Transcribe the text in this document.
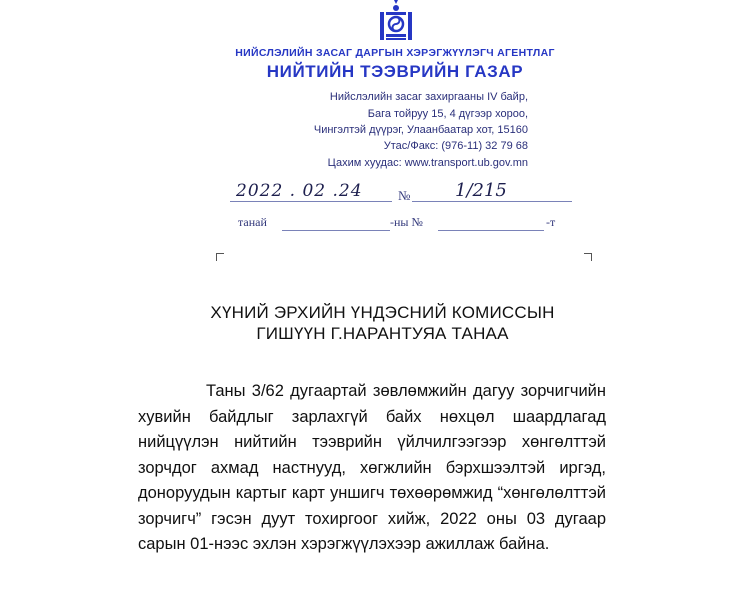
НИЙСЛЭЛИЙН ЗАСАГ ДАРГЫН ХЭРЭГЖҮҮЛЭГЧ АГЕНТЛАГ
НИЙТИЙН ТЭЭВРИЙН ГАЗАР
Нийслэлийн засаг захиргааны IV байр,
Бага тойруу 15, 4 дүгээр хороо,
Чингэлтэй дүүрэг, Улаанбаатар хот, 15160
Утас/Факс: (976-11) 32 79 68
Цахим хуудас: www.transport.ub.gov.mn
2022 . 02 .24	№ 1/215
танай	-ны №	-т
ХҮНИЙ ЭРХИЙН ҮНДЭСНИЙ КОМИССЫН
ГИШҮҮН Г.НАРАНТУЯА ТАНАА
Таны 3/62 дугаартай зөвлөмжийн дагуу зорчигчийн хувийн байдлыг зарлахгүй байх нөхцөл шаардлагад нийцүүлэн нийтийн тээврийн үйлчилгээгээр хөнгөлттэй зорчдог ахмад настнууд, хөгжлийн бэрхшээлтэй иргэд, доноруудын картыг карт уншигч төхөөрөмжид “хөнгөлөлттэй зорчигч” гэсэн дуут тохиргоог хийж, 2022 оны 03 дугаар сарын 01-нээс эхлэн хэрэгжүүлэхээр ажиллаж байна.
